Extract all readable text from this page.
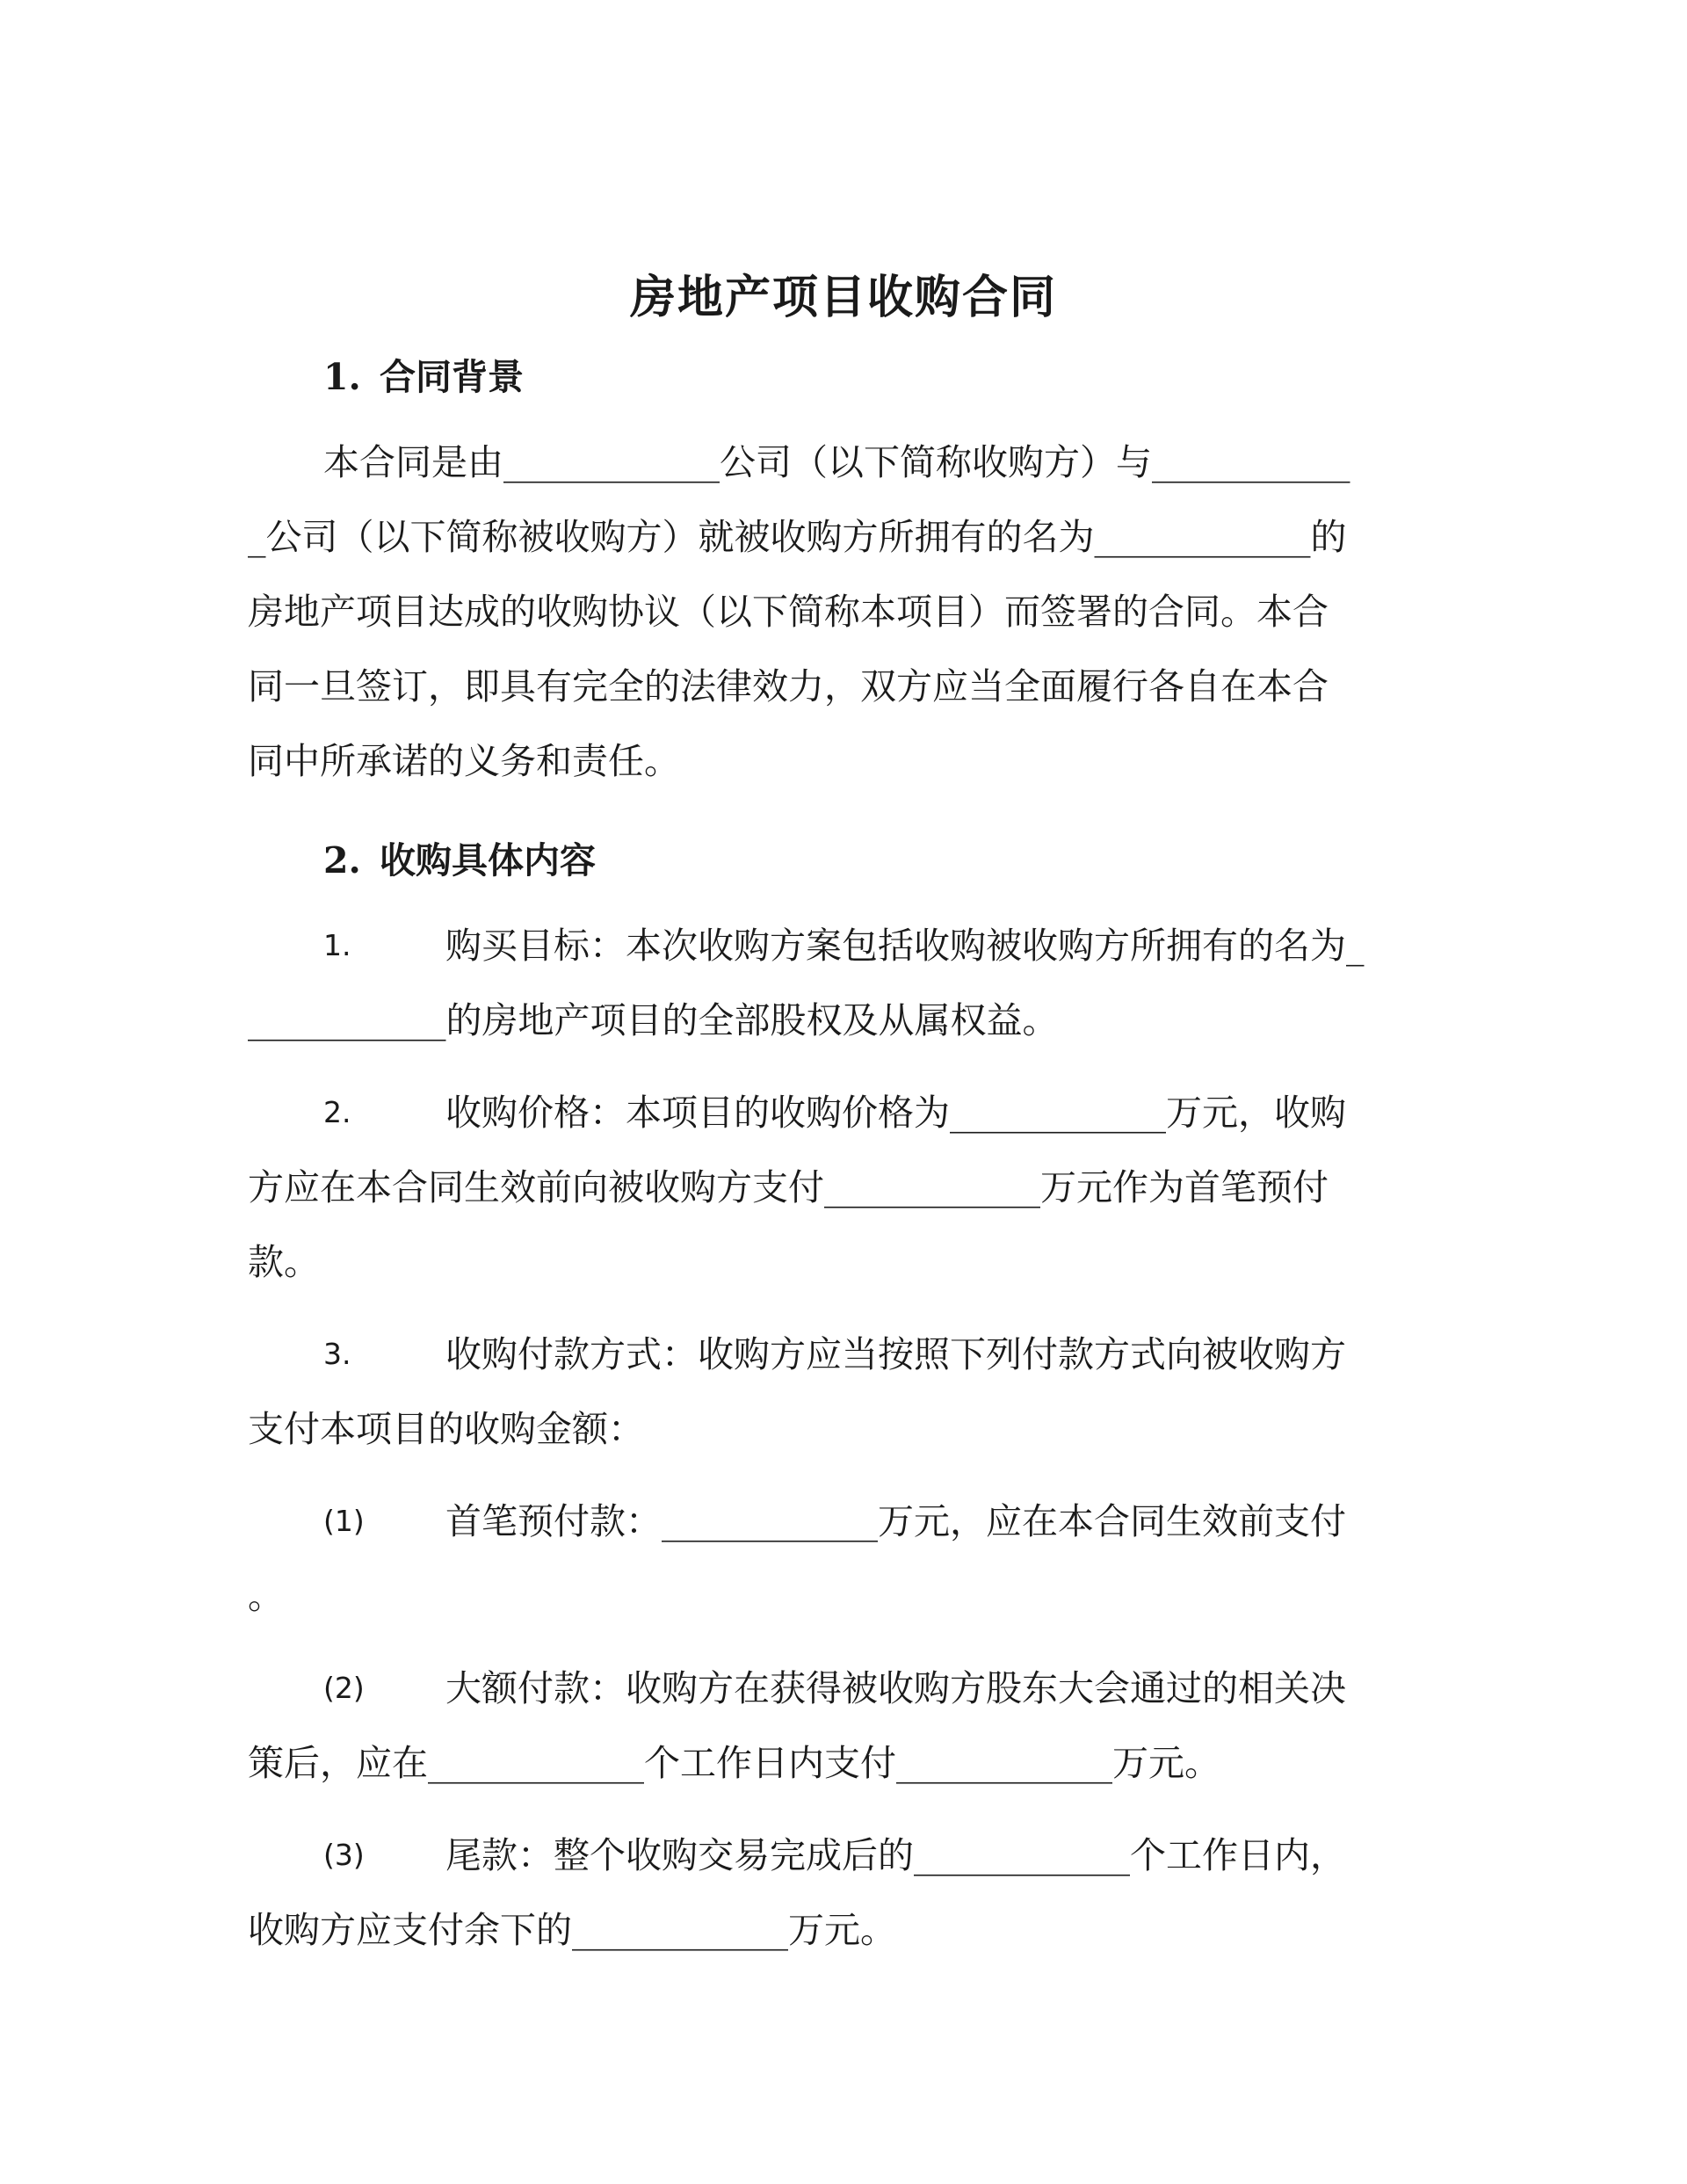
房地产项目收购合同
1. 合同背景

本合同是由____________公司（以下简称收购方）与___________

_公司（以下简称被收购方）就被收购方所拥有的名为____________的

房地产项目达成的收购协议（以下简称本项目）而签署的合同。本合

同一旦签订，即具有完全的法律效力，双方应当全面履行各自在本合

同中所承诺的义务和责任。

2. 收购具体内容
1.	购买目标：本次收购方案包括收购被收购方所拥有的名为_

___________的房地产项目的全部股权及从属权益。

2.	收购价格：本项目的收购价格为____________万元，收购

方应在本合同生效前向被收购方支付____________万元作为首笔预付

款。

3.	收购付款方式：收购方应当按照下列付款方式向被收购方

支付本项目的收购金额：

(1) 首笔预付款：____________万元，应在本合同生效前支付

。

(2) 大额付款：收购方在获得被收购方股东大会通过的相关决

策后，应在____________个工作日内支付____________万元。

(3) 尾款：整个收购交易完成后的____________个工作日内，

收购方应支付余下的____________万元。
